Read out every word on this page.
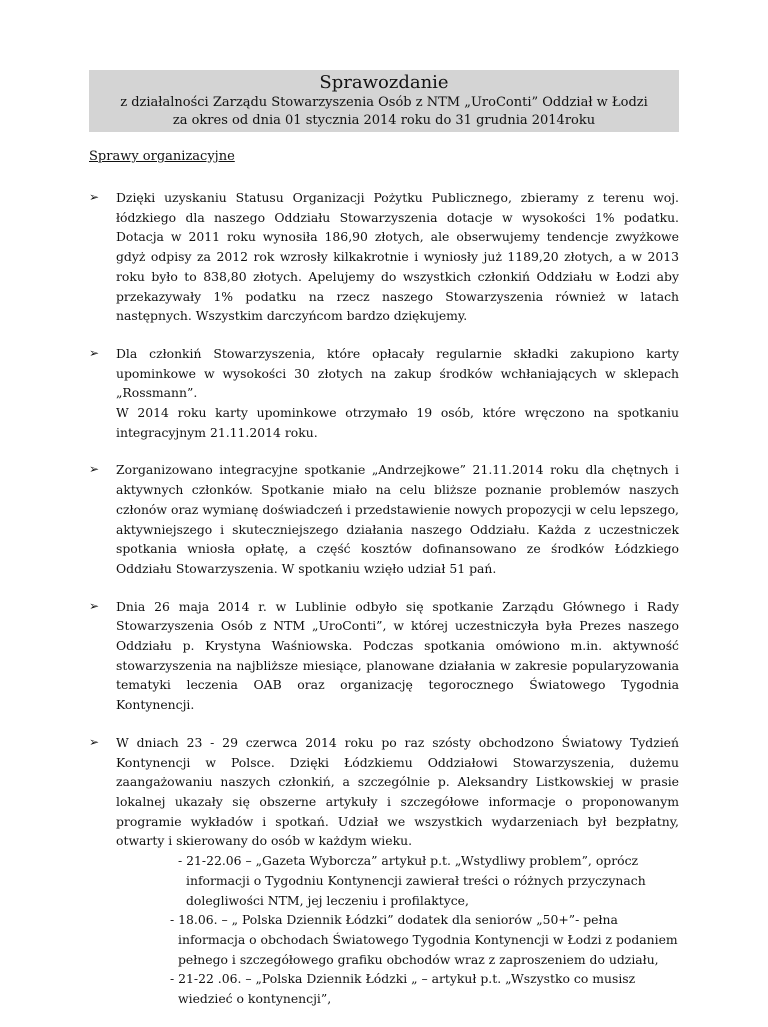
Sprawozdanie
z działalności Zarządu Stowarzyszenia Osób z NTM „UroConti” Oddział w Łodzi
za okres od dnia 01 stycznia 2014 roku do 31 grudnia 2014roku
Sprawy organizacyjne
➢ Dzięki uzyskaniu Statusu Organizacji Pożytku Publicznego, zbieramy z terenu woj. łódzkiego dla naszego Oddziału Stowarzyszenia dotacje w wysokości 1% podatku. Dotacja w 2011 roku wynosiła 186,90 złotych, ale obserwujemy tendencje zwyżkowe gdyż odpisy za 2012 rok wzrosły kilkakrotnie i wyniosły już 1189,20 złotych, a w 2013 roku było to 838,80 złotych. Apelujemy do wszystkich członkiń Oddziału w Łodzi aby przekazywały 1% podatku na rzecz naszego Stowarzyszenia również w latach następnych. Wszystkim darczyńcom bardzo dziękujemy.
➢ Dla członkiń Stowarzyszenia, które opłacały regularnie składki zakupiono karty upominkowe w wysokości 30 złotych na zakup środków wchłaniających w sklepach „Rossmann”.
W 2014 roku karty upominkowe otrzymało 19 osób, które wręczono na spotkaniu integracyjnym 21.11.2014 roku.
➢ Zorganizowano integracyjne spotkanie „Andrzejkowe” 21.11.2014 roku dla chętnych i aktywnych członków. Spotkanie miało na celu bliższe poznanie problemów naszych członów oraz wymianę doświadczeń i przedstawienie nowych propozycji w celu lepszego, aktywniejszego i skuteczniejszego działania naszego Oddziału. Każda z uczestniczek spotkania wniosła opłatę, a część kosztów dofinansowano ze środków Łódzkiego Oddziału Stowarzyszenia. W spotkaniu wzięło udział 51 pań.
➢ Dnia 26 maja 2014 r. w Lublinie odbyło się spotkanie Zarządu Głównego i Rady Stowarzyszenia Osób z NTM „UroConti”, w której uczestniczyła była Prezes naszego Oddziału p. Krystyna Waśniowska. Podczas spotkania omówiono m.in. aktywność stowarzyszenia na najbliższe miesiące, planowane działania w zakresie popularyzowania tematyki leczenia OAB oraz organizację tegorocznego Światowego Tygodnia Kontynencji.
➢ W dniach 23 - 29 czerwca 2014 roku po raz szósty obchodzono Światowy Tydzień Kontynencji w Polsce. Dzięki Łódzkiemu Oddziałowi Stowarzyszenia, dużemu zaangażowaniu naszych członkiń, a szczególnie p. Aleksandry Listkowskiej w prasie lokalnej ukazały się obszerne artykuły i szczegółowe informacje o proponowanym programie wykładów i spotkań. Udział we wszystkich wydarzeniach był bezpłatny, otwarty i skierowany do osób w każdym wieku.
- 21-22.06 – „Gazeta Wyborcza” artykuł p.t. „Wstydliwy problem”, oprócz informacji o Tygodniu Kontynencji zawierał treści o różnych przyczynach dolegliwości NTM, jej leczeniu i profilaktyce,
- 18.06. – „ Polska Dziennik Łódzki” dodatek dla seniorów „50+”- pełna informacja o obchodach Światowego Tygodnia Kontynencji w Łodzi z podaniem pełnego i szczegółowego grafiku obchodów wraz z zaproszeniem do udziału,
- 21-22 .06. – „Polska Dziennik Łódzki „ – artykuł p.t. „Wszystko co musisz wiedzieć o kontynencji”,
